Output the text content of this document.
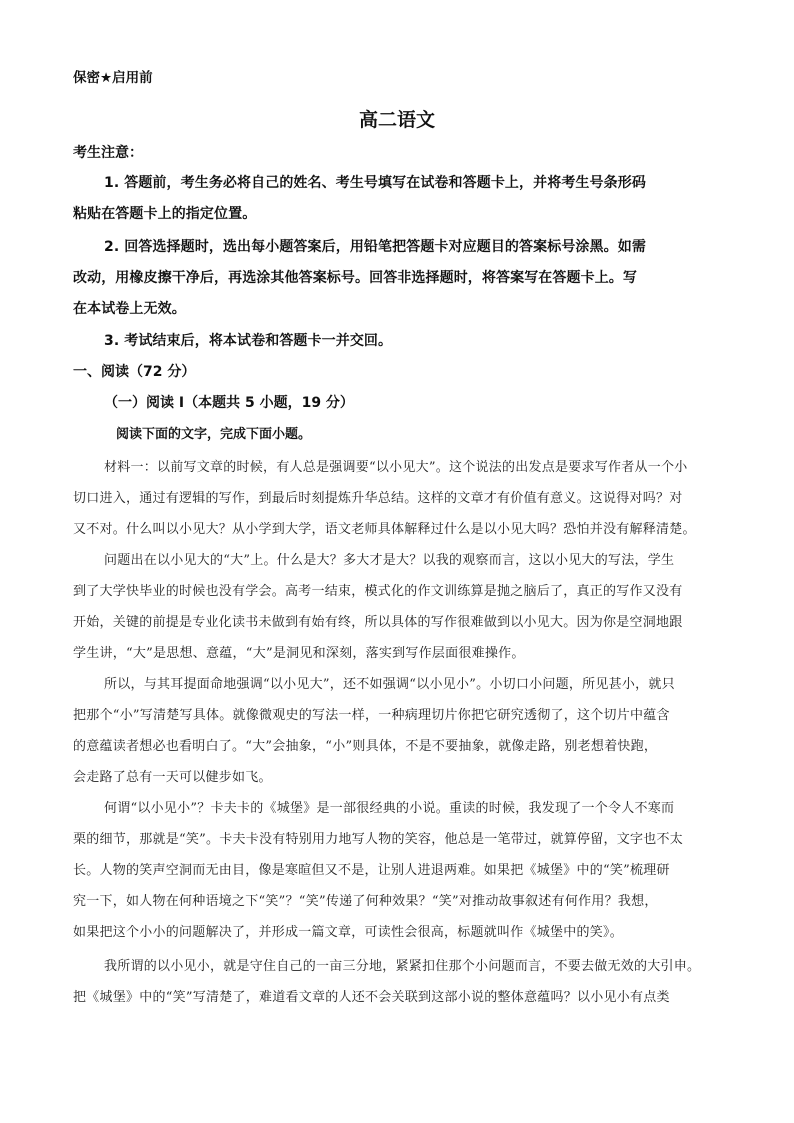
保密★启用前
高二语文
考生注意：
1. 答题前，考生务必将自己的姓名、考生号填写在试卷和答题卡上，并将考生号条形码
粘贴在答题卡上的指定位置。
2. 回答选择题时，选出每小题答案后，用铅笔把答题卡对应题目的答案标号涂黑。如需
改动，用橡皮擦干净后，再选涂其他答案标号。回答非选择题时，将答案写在答题卡上。写
在本试卷上无效。
3. 考试结束后，将本试卷和答题卡一并交回。
一、阅读（72 分）
（一）阅读 I（本题共 5 小题，19 分）
阅读下面的文字，完成下面小题。
材料一：以前写文章的时候，有人总是强调要“以小见大”。这个说法的出发点是要求写作者从一个小
切口进入，通过有逻辑的写作，到最后时刻提炼升华总结。这样的文章才有价值有意义。这说得对吗？对
又不对。什么叫以小见大？从小学到大学，语文老师具体解释过什么是以小见大吗？恐怕并没有解释清楚。
问题出在以小见大的“大”上。什么是大？多大才是大？以我的观察而言，这以小见大的写法，学生
到了大学快毕业的时候也没有学会。高考一结束，模式化的作文训练算是抛之脑后了，真正的写作又没有
开始，关键的前提是专业化读书未做到有始有终，所以具体的写作很难做到以小见大。因为你是空洞地跟
学生讲，“大”是思想、意蕴，“大”是洞见和深刻，落实到写作层面很难操作。
所以，与其耳提面命地强调“以小见大”，还不如强调“以小见小”。小切口小问题，所见甚小，就只
把那个“小”写清楚写具体。就像微观史的写法一样，一种病理切片你把它研究透彻了，这个切片中蕴含
的意蕴读者想必也看明白了。“大”会抽象，“小”则具体，不是不要抽象，就像走路，别老想着快跑，
会走路了总有一天可以健步如飞。
何谓“以小见小”？卡夫卡的《城堡》是一部很经典的小说。重读的时候，我发现了一个令人不寒而
栗的细节，那就是“笑”。卡夫卡没有特别用力地写人物的笑容，他总是一笔带过，就算停留，文字也不太
长。人物的笑声空洞而无由目，像是寒暄但又不是，让别人进退两难。如果把《城堡》中的“笑”梳理研
究一下，如人物在何种语境之下“笑”？“笑”传递了何种效果？“笑”对推动故事叙述有何作用？我想，
如果把这个小小的问题解决了，并形成一篇文章，可读性会很高，标题就叫作《城堡中的笑》。
我所谓的以小见小，就是守住自己的一亩三分地，紧紧扣住那个小问题而言，不要去做无效的大引申。
把《城堡》中的“笑”写清楚了，难道看文章的人还不会关联到这部小说的整体意蕴吗？以小见小有点类
